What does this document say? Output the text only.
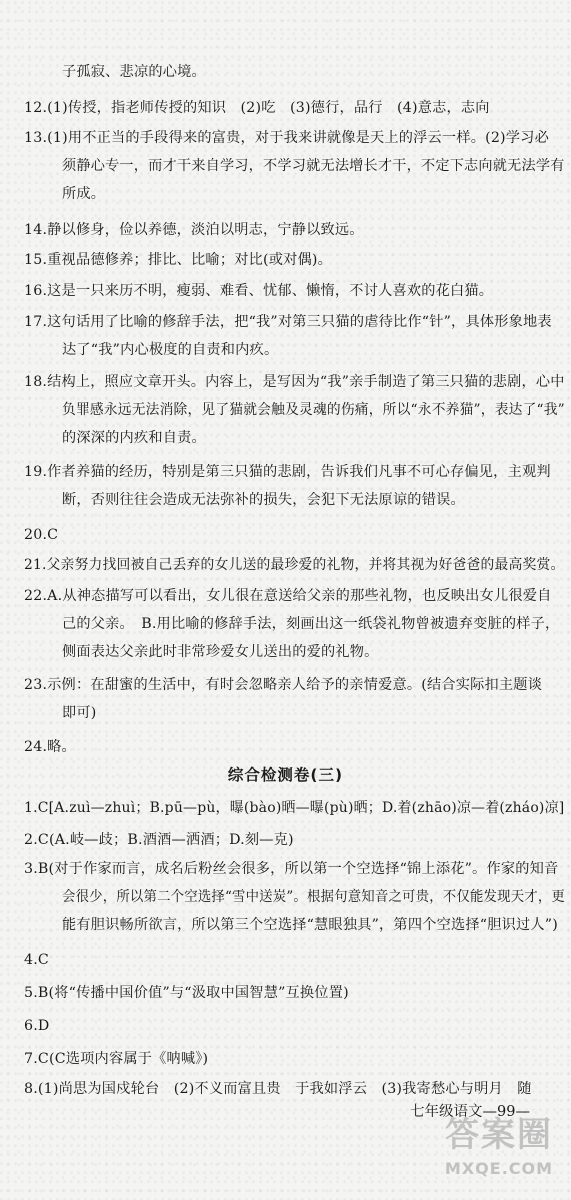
子孤寂、悲凉的心境。
12.(1)传授，指老师传授的知识　(2)吃　(3)德行，品行　(4)意志，志向
13.(1)用不正当的手段得来的富贵，对于我来讲就像是天上的浮云一样。(2)学习必
须静心专一，而才干来自学习，不学习就无法增长才干，不定下志向就无法学有
所成。
14.静以修身，俭以养德，淡泊以明志，宁静以致远。
15.重视品德修养；排比、比喻；对比(或对偶)。
16.这是一只来历不明，瘦弱、难看、忧郁、懒惰，不讨人喜欢的花白猫。
17.这句话用了比喻的修辞手法，把“我”对第三只猫的虐待比作“针”，具体形象地表
达了“我”内心极度的自责和内疚。
18.结构上，照应文章开头。内容上，是写因为“我”亲手制造了第三只猫的悲剧，心中
负罪感永远无法消除，见了猫就会触及灵魂的伤痛，所以“永不养猫”，表达了“我”
的深深的内疚和自责。
19.作者养猫的经历，特别是第三只猫的悲剧，告诉我们凡事不可心存偏见，主观判
断，否则往往会造成无法弥补的损失，会犯下无法原谅的错误。
20.C
21.父亲努力找回被自己丢弃的女儿送的最珍爱的礼物，并将其视为好爸爸的最高奖赏。
22.A.从神态描写可以看出，女儿很在意送给父亲的那些礼物，也反映出女儿很爱自
己的父亲。　B.用比喻的修辞手法，刻画出这一纸袋礼物曾被遗弃变脏的样子，
侧面表达父亲此时非常珍爱女儿送出的爱的礼物。
23.示例：在甜蜜的生活中，有时会忽略亲人给予的亲情爱意。(结合实际扣主题谈
即可)
24.略。
1.C[A.zuì—zhuì；B.pū—pù，曝(bào)晒—曝(pù)晒；D.着(zhāo)凉—着(zháo)凉]
2.C(A.岐—歧；B.酒酒—洒酒；D.刻—克)
3.B(对于作家而言，成名后粉丝会很多，所以第一个空选择“锦上添花”。作家的知音
会很少，所以第二个空选择“雪中送炭”。根据句意知音之可贵，不仅能发现天才，更
能有胆识畅所欲言，所以第三个空选择“慧眼独具”，第四个空选择“胆识过人”)
4.C
5.B(将“传播中国价值”与“汲取中国智慧”互换位置)
6.D
7.C(C选项内容属于《呐喊》)
8.(1)尚思为国戍轮台　(2)不义而富且贵　于我如浮云　(3)我寄愁心与明月　随
综合检测卷(三)
七年级语文—99—
答案圈
MXQE.COM
